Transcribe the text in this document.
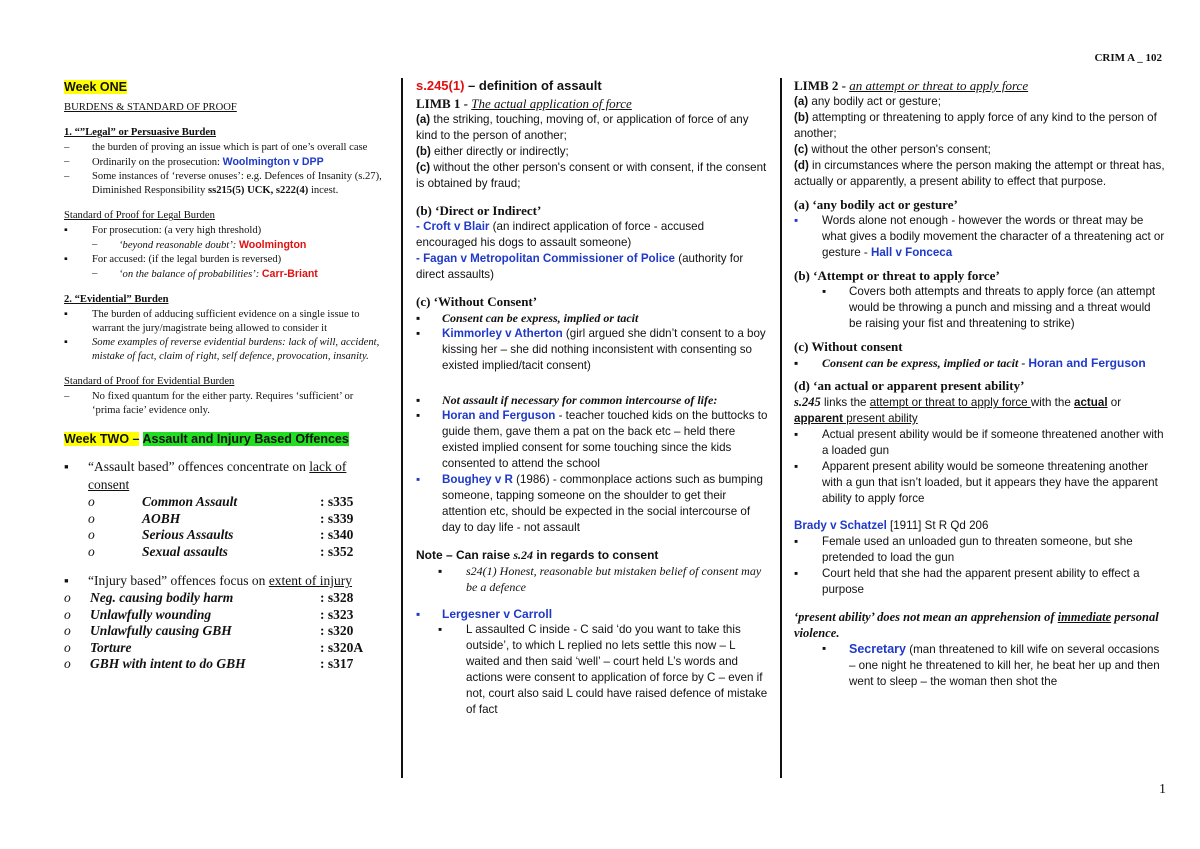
CRIM A _ 102
1
Week ONE
BURDENS & STANDARD OF PROOF
1. “”Legal” or Persuasive Burden
– the burden of proving an issue which is part of one’s overall case
– Ordinarily on the prosecution: Woolmington v DPP
– Some instances of ‘reverse onuses’: e.g. Defences of Insanity (s.27), Diminished Responsibility ss215(5) UCK, s222(4) incest.
Standard of Proof for Legal Burden
▪ For prosecution: (a very high threshold)
– ‘beyond reasonable doubt’: Woolmington
▪ For accused: (if the legal burden is reversed)
– ‘on the balance of probabilities’: Carr-Briant
2. “Evidential” Burden
▪ The burden of adducing sufficient evidence on a single issue to warrant the jury/magistrate being allowed to consider it
▪ Some examples of reverse evidential burdens: lack of will, accident, mistake of fact, claim of right, self defence, provocation, insanity.
Standard of Proof for Evidential Burden
– No fixed quantum for the either party. Requires ‘sufficient’ or ‘prima facie’ evidence only.
Week TWO – Assault and Injury Based Offences
▪ “Assault based” offences concentrate on lack of consent
o	Common Assault	: s335
o	AOBH	: s339
o	Serious Assaults	: s340
o	Sexual assaults	: s352
▪ “Injury based” offences focus on extent of injury
o Neg. causing bodily harm	: s328
o Unlawfully wounding	: s323
o Unlawfully causing GBH	: s320
o Torture	: s320A
o GBH with intent to do GBH	: s317
s.245(1) – definition of assault
LIMB 1 - The actual application of force
(a) the striking, touching, moving of, or application of force of any kind to the person of another;
(b) either directly or indirectly;
(c) without the other person's consent or with consent, if the consent is obtained by fraud;
(b) ‘Direct or Indirect’
- Croft v Blair (an indirect application of force - accused encouraged his dogs to assault someone)
- Fagan v Metropolitan Commissioner of Police (authority for direct assaults)
(c) ‘Without Consent’
▪ Consent can be express, implied or tacit
▪ Kimmorley v Atherton (girl argued she didn’t consent to a boy kissing her – she did nothing inconsistent with consenting so existed implied/tacit consent)
▪ Not assault if necessary for common intercourse of life:
▪ Horan and Ferguson - teacher touched kids on the buttocks to guide them, gave them a pat on the back etc – held there existed implied consent for some touching since the kids consented to attend the school
▪ Boughey v R (1986) - commonplace actions such as bumping someone, tapping someone on the shoulder to get their attention etc, should be expected in the social intercourse of day to day life - not assault
Note – Can raise s.24 in regards to consent
▪ s24(1) Honest, reasonable but mistaken belief of consent may be a defence
▪ Lergesner v Carroll
▪ L assaulted C inside - C said ‘do you want to take this outside’, to which L replied no lets settle this now – L waited and then said ‘well’ – court held L’s words and actions were consent to application of force by C – even if not, court also said L could have raised defence of mistake of fact
LIMB 2 - an attempt or threat to apply force
(a) any bodily act or gesture;
(b) attempting or threatening to apply force of any kind to the person of another;
(c) without the other person's consent;
(d) in circumstances where the person making the attempt or threat has, actually or apparently, a present ability to effect that purpose.
(a) ‘any bodily act or gesture’
▪ Words alone not enough - however the words or threat may be what gives a bodily movement the character of a threatening act or gesture - Hall v Fonceca
(b) ‘Attempt or threat to apply force’
▪ Covers both attempts and threats to apply force (an attempt would be throwing a punch and missing and a threat would be raising your fist and threatening to strike)
(c) Without consent
▪ Consent can be express, implied or tacit - Horan and Ferguson
(d) ‘an actual or apparent present ability’
s.245 links the attempt or threat to apply force with the actual or apparent present ability
▪ Actual present ability would be if someone threatened another with a loaded gun
▪ Apparent present ability would be someone threatening another with a gun that isn’t loaded, but it appears they have the apparent ability to apply force
Brady v Schatzel [1911] St R Qd 206
▪ Female used an unloaded gun to threaten someone, but she pretended to load the gun
▪ Court held that she had the apparent present ability to effect a purpose
‘present ability’ does not mean an apprehension of immediate personal violence.
▪ Secretary (man threatened to kill wife on several occasions – one night he threatened to kill her, he beat her up and then went to sleep – the woman then shot the
